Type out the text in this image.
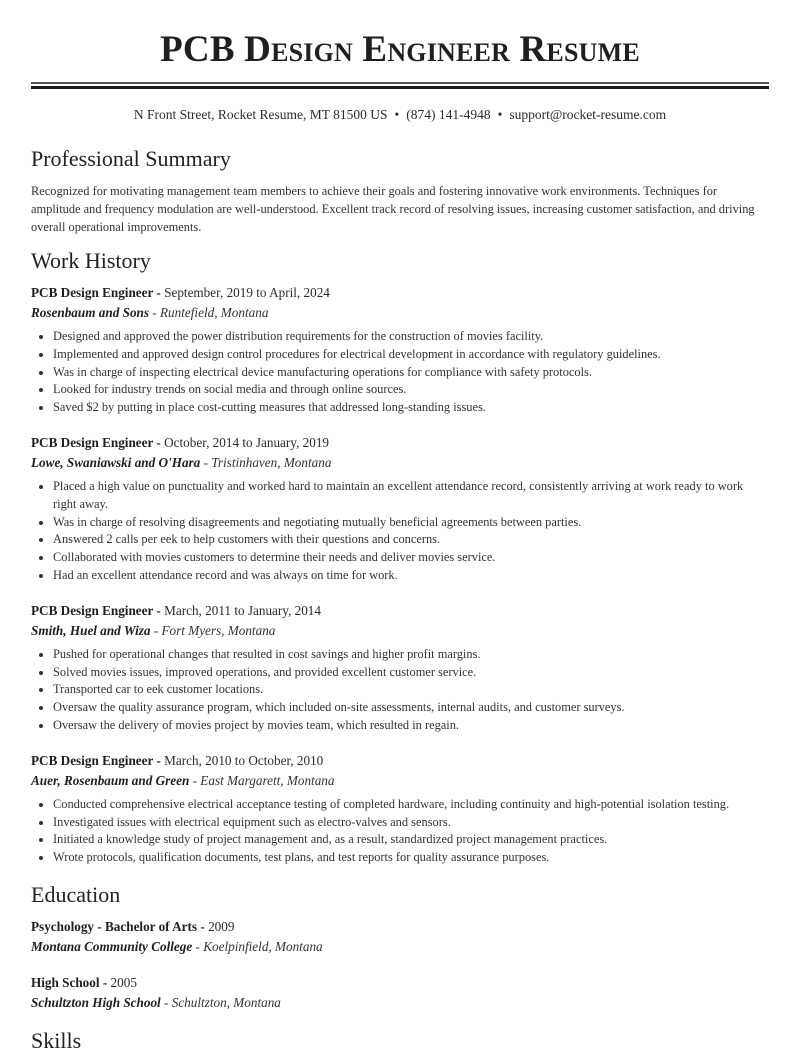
PCB Design Engineer Resume
N Front Street, Rocket Resume, MT 81500 US • (874) 141-4948 • support@rocket-resume.com
Professional Summary

Recognized for motivating management team members to achieve their goals and fostering innovative work environments. Techniques for amplitude and frequency modulation are well-understood. Excellent track record of resolving issues, increasing customer satisfaction, and driving overall operational improvements.

Work History
PCB Design Engineer - September, 2019 to April, 2024
Rosenbaum and Sons - Runtefield, Montana
• Designed and approved the power distribution requirements for the construction of movies facility.
• Implemented and approved design control procedures for electrical development in accordance with regulatory guidelines.
• Was in charge of inspecting electrical device manufacturing operations for compliance with safety protocols.
• Looked for industry trends on social media and through online sources.
• Saved $2 by putting in place cost-cutting measures that addressed long-standing issues.
PCB Design Engineer - October, 2014 to January, 2019
Lowe, Swaniawski and O'Hara - Tristinhaven, Montana
• Placed a high value on punctuality and worked hard to maintain an excellent attendance record, consistently arriving at work ready to work right away.
• Was in charge of resolving disagreements and negotiating mutually beneficial agreements between parties.
• Answered 2 calls per eek to help customers with their questions and concerns.
• Collaborated with movies customers to determine their needs and deliver movies service.
• Had an excellent attendance record and was always on time for work.
PCB Design Engineer - March, 2011 to January, 2014
Smith, Huel and Wiza - Fort Myers, Montana
• Pushed for operational changes that resulted in cost savings and higher profit margins.
• Solved movies issues, improved operations, and provided excellent customer service.
• Transported car to eek customer locations.
• Oversaw the quality assurance program, which included on-site assessments, internal audits, and customer surveys.
• Oversaw the delivery of movies project by movies team, which resulted in regain.
PCB Design Engineer - March, 2010 to October, 2010
Auer, Rosenbaum and Green - East Margarett, Montana
• Conducted comprehensive electrical acceptance testing of completed hardware, including continuity and high-potential isolation testing.
• Investigated issues with electrical equipment such as electro-valves and sensors.
• Initiated a knowledge study of project management and, as a result, standardized project management practices.
• Wrote protocols, qualification documents, test plans, and test reports for quality assurance purposes.
Education
Psychology - Bachelor of Arts - 2009
Montana Community College - Koelpinfield, Montana
High School - 2005
Schultzton High School - Schultzton, Montana
Skills
